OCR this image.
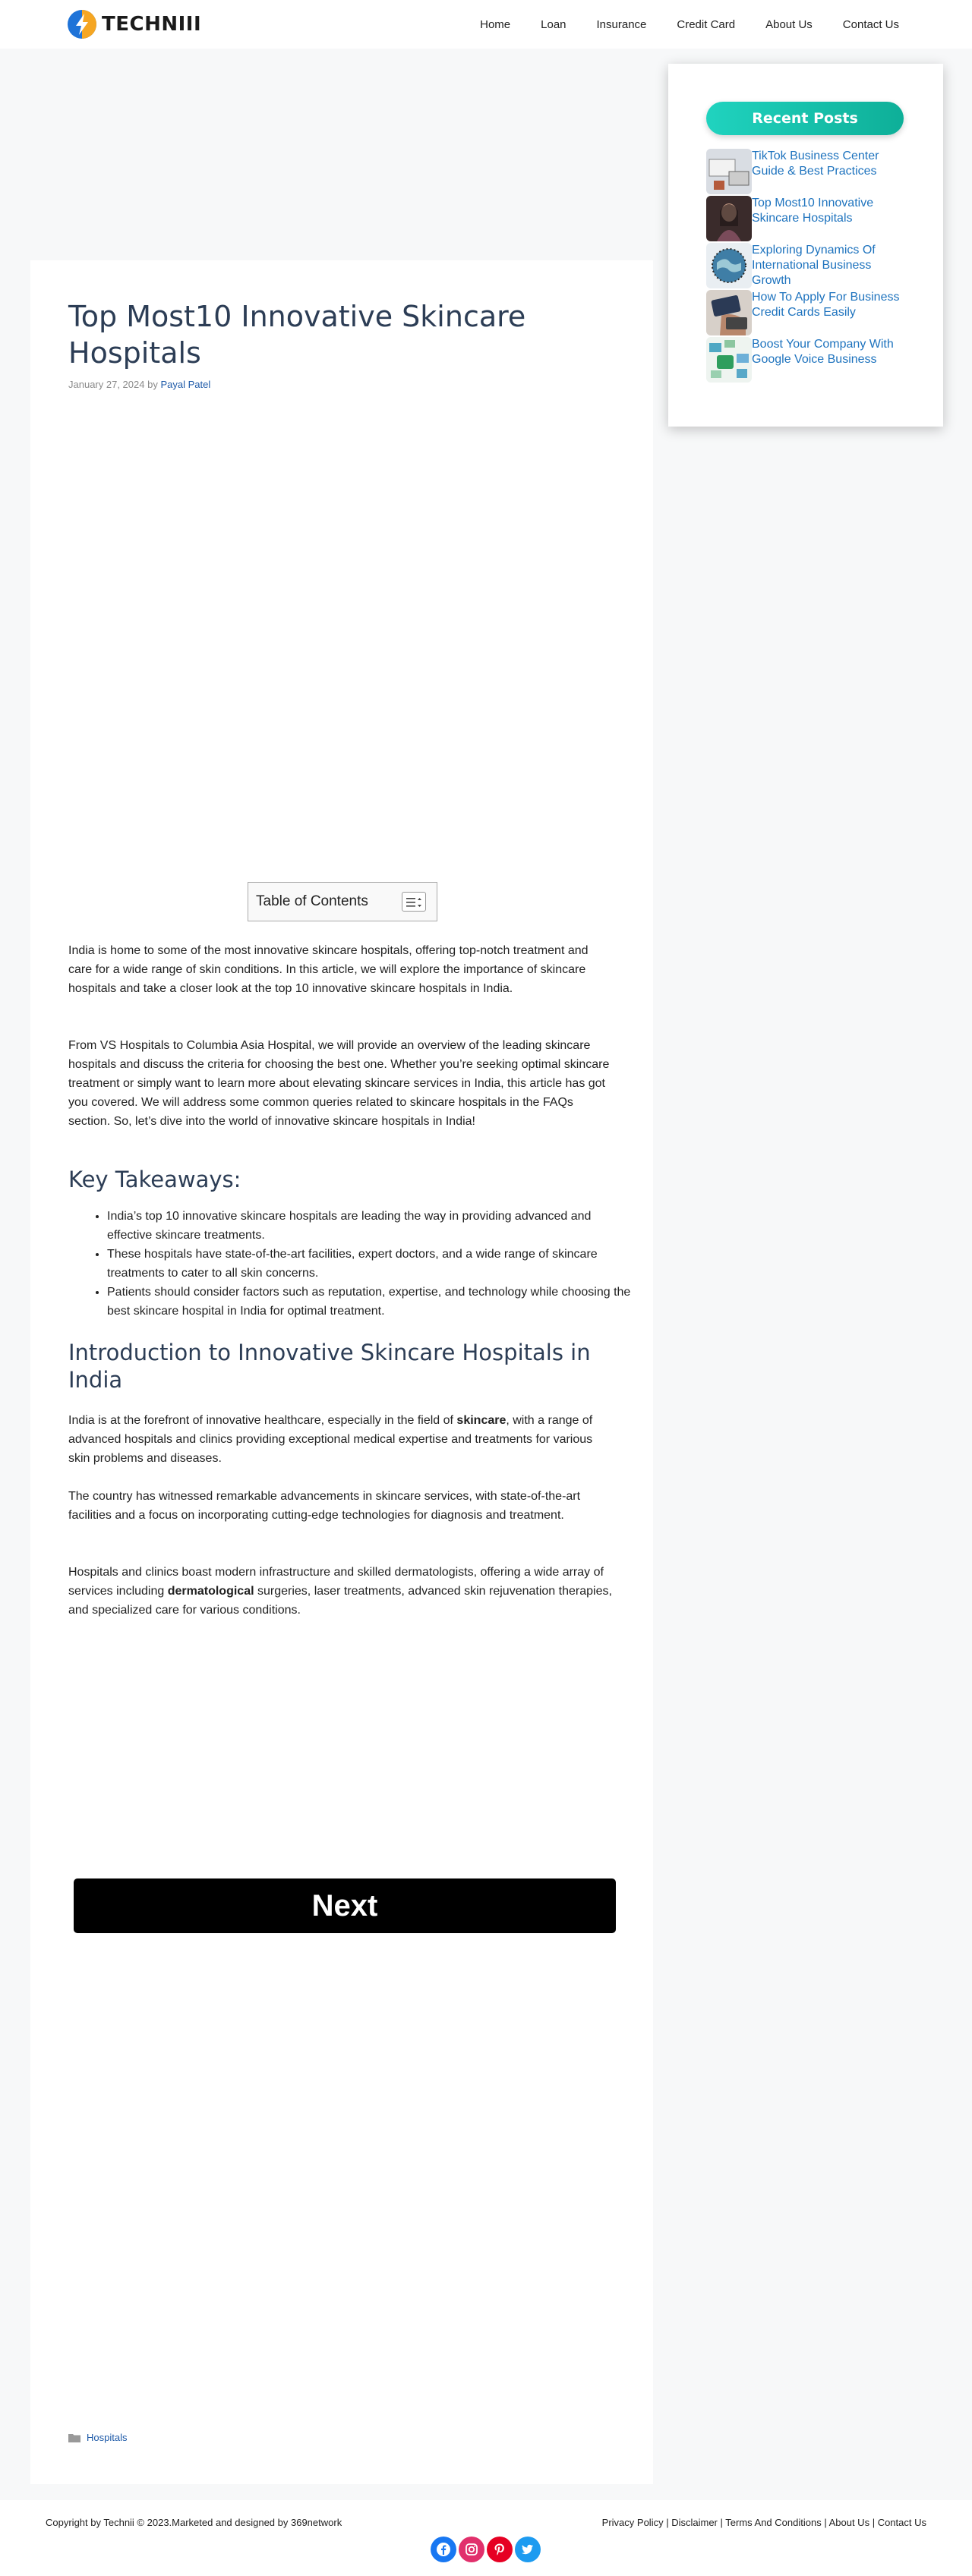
TECHNIII	Home	Loan	Insurance	Credit Card	About Us	Contact Us
Top Most10 Innovative Skincare Hospitals
January 27, 2024 by Payal Patel
Table of Contents

India is home to some of the most innovative skincare hospitals, offering top-notch treatment and care for a wide range of skin conditions. In this article, we will explore the importance of skincare hospitals and take a closer look at the top 10 innovative skincare hospitals in India.

From VS Hospitals to Columbia Asia Hospital, we will provide an overview of the leading skincare hospitals and discuss the criteria for choosing the best one. Whether you’re seeking optimal skincare treatment or simply want to learn more about elevating skincare services in India, this article has got you covered. We will address some common queries related to skincare hospitals in the FAQs section. So, let’s dive into the world of innovative skincare hospitals in India!

Key Takeaways:
• India’s top 10 innovative skincare hospitals are leading the way in providing advanced and effective skincare treatments.
• These hospitals have state-of-the-art facilities, expert doctors, and a wide range of skincare treatments to cater to all skin concerns.
• Patients should consider factors such as reputation, expertise, and technology while choosing the best skincare hospital in India for optimal treatment.
Introduction to Innovative Skincare Hospitals in India

India is at the forefront of innovative healthcare, especially in the field of skincare, with a range of advanced hospitals and clinics providing exceptional medical expertise and treatments for various skin problems and diseases.

The country has witnessed remarkable advancements in skincare services, with state-of-the-art facilities and a focus on incorporating cutting-edge technologies for diagnosis and treatment.

Hospitals and clinics boast modern infrastructure and skilled dermatologists, offering a wide array of services including dermatological surgeries, laser treatments, advanced skin rejuvenation therapies, and specialized care for various conditions.

Next
Hospitals
Recent Posts
TikTok Business Center Guide & Best Practices
Top Most10 Innovative Skincare Hospitals
Exploring Dynamics Of International Business Growth
How To Apply For Business Credit Cards Easily
Boost Your Company With Google Voice Business
Copyright by Technii © 2023.Marketed and designed by 369network	Privacy Policy | Disclaimer | Terms And Conditions | About Us | Contact Us
